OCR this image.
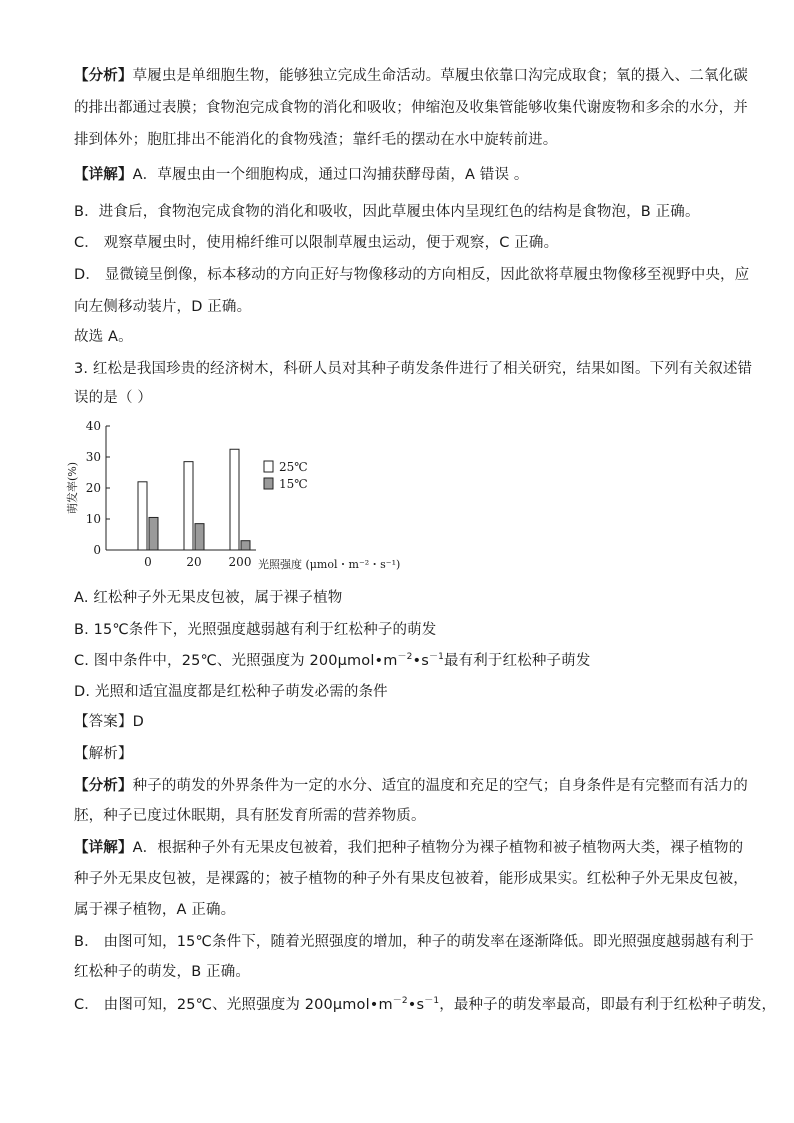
【分析】草履虫是单细胞生物，能够独立完成生命活动。草履虫依靠口沟完成取食；氧的摄入、二氧化碳
的排出都通过表膜；食物泡完成食物的消化和吸收；伸缩泡及收集管能够收集代谢废物和多余的水分，并
排到体外；胞肛排出不能消化的食物残渣；靠纤毛的摆动在水中旋转前进。
【详解】A．草履虫由一个细胞构成，通过口沟捕获酵母菌，A 错误 。
B．进食后，食物泡完成食物的消化和吸收，因此草履虫体内呈现红色的结构是食物泡，B 正确。
C． 观察草履虫时，使用棉纤维可以限制草履虫运动，便于观察，C 正确。
D． 显微镜呈倒像，标本移动的方向正好与物像移动的方向相反，因此欲将草履虫物像移至视野中央，应
向左侧移动装片，D 正确。
故选 A。
3. 红松是我国珍贵的经济树木，科研人员对其种子萌发条件进行了相关研究，结果如图。下列有关叙述错
误的是（ ）
0
10
20
30
40
萌发率(%)
0	20 200 光照强度 (μmol・m⁻²・s⁻¹)
25℃
15℃
A. 红松种子外无果皮包被，属于裸子植物
B. 15℃条件下，光照强度越弱越有利于红松种子的萌发
C. 图中条件中，25℃、光照强度为 $200\mu mol•m^{-2}•s^{-1}$最有利于红松种子萌发
D. 光照和适宜温度都是红松种子萌发必需的条件
【答案】D
【解析】
【分析】种子的萌发的外界条件为一定的水分、适宜的温度和充足的空气；自身条件是有完整而有活力的
胚，种子已度过休眠期，具有胚发育所需的营养物质。
【详解】A．根据种子外有无果皮包被着，我们把种子植物分为裸子植物和被子植物两大类，裸子植物的
种子外无果皮包被，是裸露的；被子植物的种子外有果皮包被着，能形成果实。红松种子外无果皮包被，
属于裸子植物，A 正确。
B． 由图可知，15℃条件下，随着光照强度的增加，种子的萌发率在逐渐降低。即光照强度越弱越有利于
红松种子的萌发，B 正确。
C． 由图可知，25℃、光照强度为 $200\mu mol•m^{-2}•s^{-1}$，最种子的萌发率最高，即最有利于红松种子萌发，
